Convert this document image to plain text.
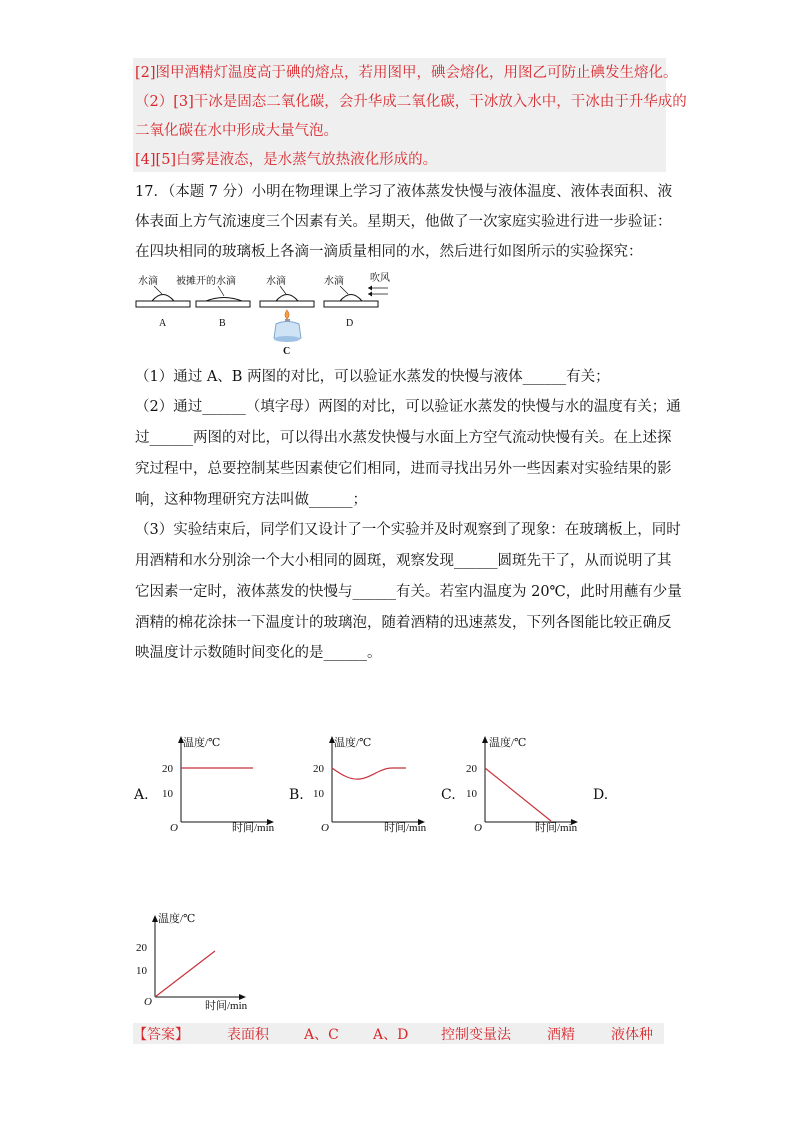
[2]图甲酒精灯温度高于碘的熔点，若用图甲，碘会熔化，用图乙可防止碘发生熔化。
（2）[3]干冰是固态二氧化碳，会升华成二氧化碳，干冰放入水中，干冰由于升华成的
二氧化碳在水中形成大量气泡。
[4][5]白雾是液态，是水蒸气放热液化形成的。
17．（本题 7 分）小明在物理课上学习了液体蒸发快慢与液体温度、液体表面积、液
体表面上方气流速度三个因素有关。星期天，他做了一次家庭实验进行进一步验证：
在四块相同的玻璃板上各滴一滴质量相同的水，然后进行如图所示的实验探究：
水滴 被摊开的水滴	水滴	水滴	吹风
A	B
C
D
（1）通过 A、B 两图的对比，可以验证水蒸发的快慢与液体______有关；
（2）通过______（填字母）两图的对比，可以验证水蒸发的快慢与水的温度有关；通
过______两图的对比，可以得出水蒸发快慢与水面上方空气流动快慢有关。在上述探
究过程中，总要控制某些因素使它们相同，进而寻找出另外一些因素对实验结果的影
响，这种物理研究方法叫做______；
（3）实验结束后，同学们又设计了一个实验并及时观察到了现象：在玻璃板上，同时
用酒精和水分别涂一个大小相同的圆斑，观察发现______圆斑先干了，从而说明了其
它因素一定时，液体蒸发的快慢与______有关。若室内温度为 20℃，此时用蘸有少量
酒精的棉花涂抹一下温度计的玻璃泡，随着酒精的迅速蒸发，下列各图能比较正确反
映温度计示数随时间变化的是______。
A.
温度/℃
20
10
O	时间/min
B.
温度/℃
20
10
O	时间/min
C.
温度/℃
20
10
O	时间/min
D.
温度/℃
20
10
O	时间/min
【答案】	表面积	A、C A、D 控制变量法	酒精	液体种
